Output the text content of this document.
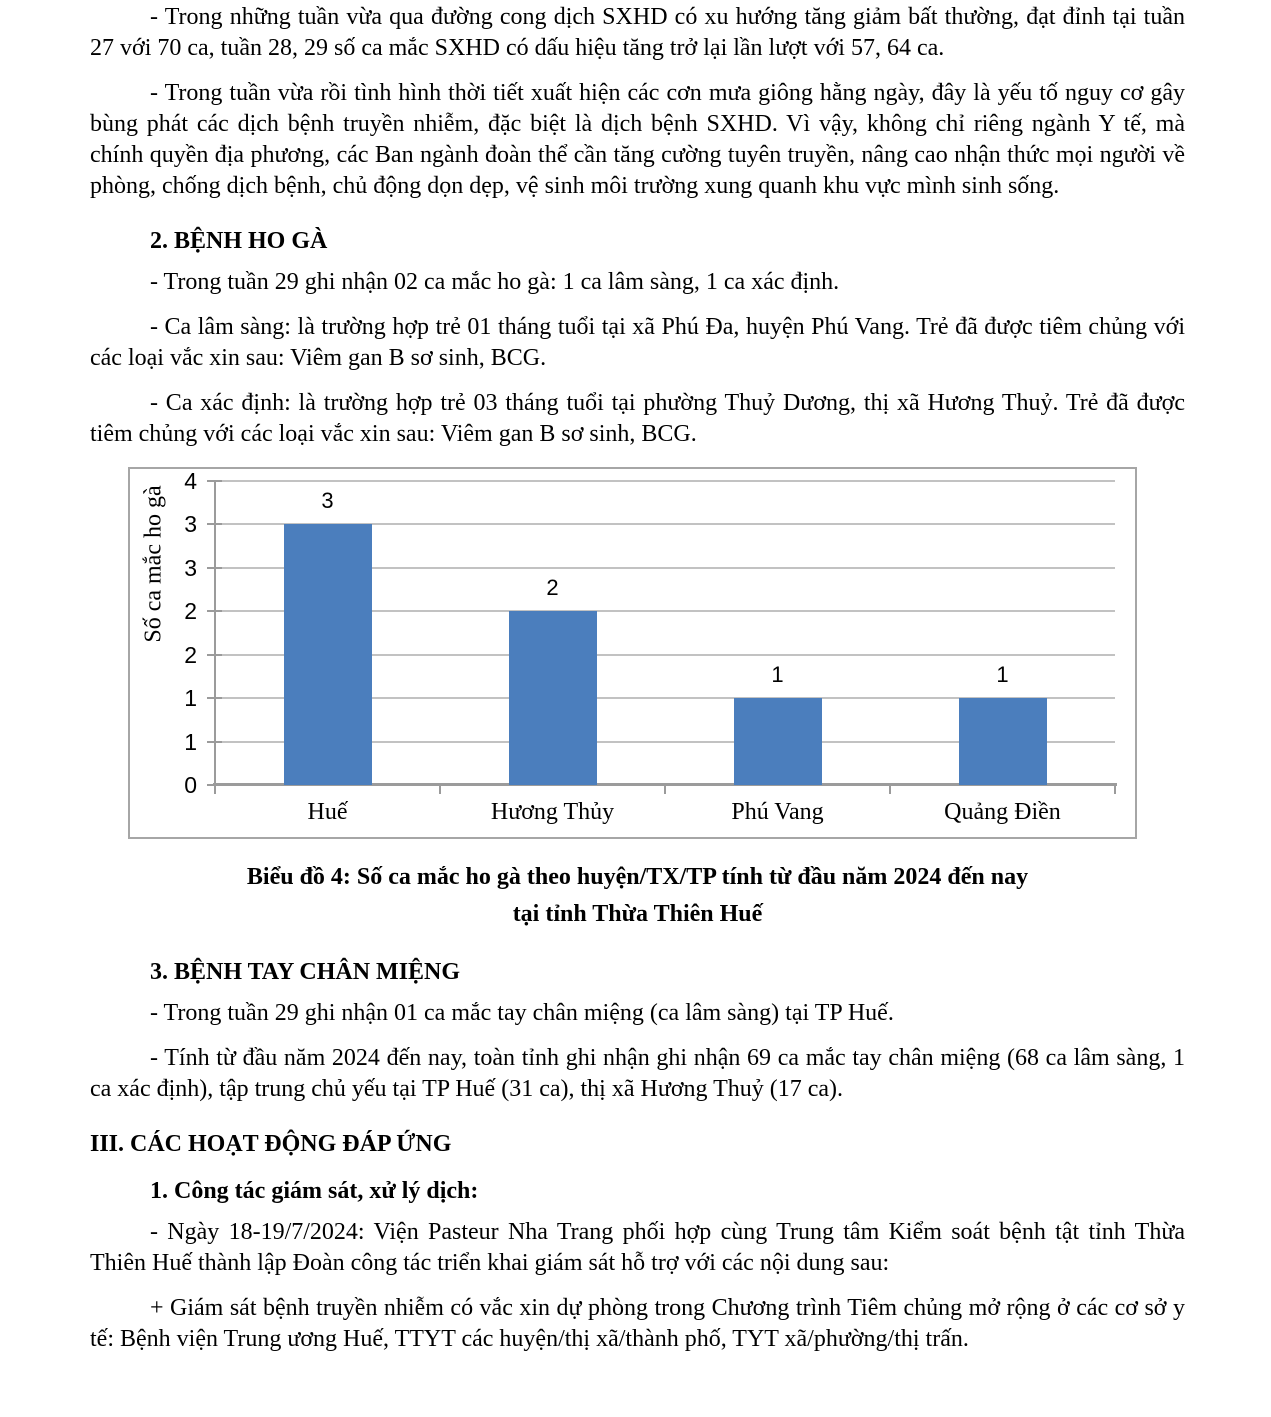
- Trong những tuần vừa qua đường cong dịch SXHD có xu hướng tăng giảm bất thường, đạt đỉnh tại tuần 27 với 70 ca, tuần 28, 29 số ca mắc SXHD có dấu hiệu tăng trở lại lần lượt với 57, 64 ca.

- Trong tuần vừa rồi tình hình thời tiết xuất hiện các cơn mưa giông hằng ngày, đây là yếu tố nguy cơ gây bùng phát các dịch bệnh truyền nhiễm, đặc biệt là dịch bệnh SXHD. Vì vậy, không chỉ riêng ngành Y tế, mà chính quyền địa phương, các Ban ngành đoàn thể cần tăng cường tuyên truyền, nâng cao nhận thức mọi người về phòng, chống dịch bệnh, chủ động dọn dẹp, vệ sinh môi trường xung quanh khu vực mình sinh sống.

2. BỆNH HO GÀ

- Trong tuần 29 ghi nhận 02 ca mắc ho gà: 1 ca lâm sàng, 1 ca xác định.

- Ca lâm sàng: là trường hợp trẻ 01 tháng tuổi tại xã Phú Đa, huyện Phú Vang. Trẻ đã được tiêm chủng với các loại vắc xin sau: Viêm gan B sơ sinh, BCG.

- Ca xác định: là trường hợp trẻ 03 tháng tuổi tại phường Thuỷ Dương, thị xã Hương Thuỷ. Trẻ đã được tiêm chủng với các loại vắc xin sau: Viêm gan B sơ sinh, BCG.

Số ca mắc ho gà
4
3
3
2
2
1
1
0
3
Huế
2
Hương Thủy
1
Phú Vang
1
Quảng Điền

Biểu đồ 4: Số ca mắc ho gà theo huyện/TX/TP tính từ đầu năm 2024 đến nay

tại tỉnh Thừa Thiên Huế

3. BỆNH TAY CHÂN MIỆNG

- Trong tuần 29 ghi nhận 01 ca mắc tay chân miệng (ca lâm sàng) tại TP Huế.

- Tính từ đầu năm 2024 đến nay, toàn tỉnh ghi nhận ghi nhận 69 ca mắc tay chân miệng (68 ca lâm sàng, 1 ca xác định), tập trung chủ yếu tại TP Huế (31 ca), thị xã Hương Thuỷ (17 ca).

III. CÁC HOẠT ĐỘNG ĐÁP ỨNG
1. Công tác giám sát, xử lý dịch:

- Ngày 18-19/7/2024: Viện Pasteur Nha Trang phối hợp cùng Trung tâm Kiểm soát bệnh tật tỉnh Thừa Thiên Huế thành lập Đoàn công tác triển khai giám sát hỗ trợ với các nội dung sau:

+ Giám sát bệnh truyền nhiễm có vắc xin dự phòng trong Chương trình Tiêm chủng mở rộng ở các cơ sở y tế: Bệnh viện Trung ương Huế, TTYT các huyện/thị xã/thành phố, TYT xã/phường/thị trấn.
